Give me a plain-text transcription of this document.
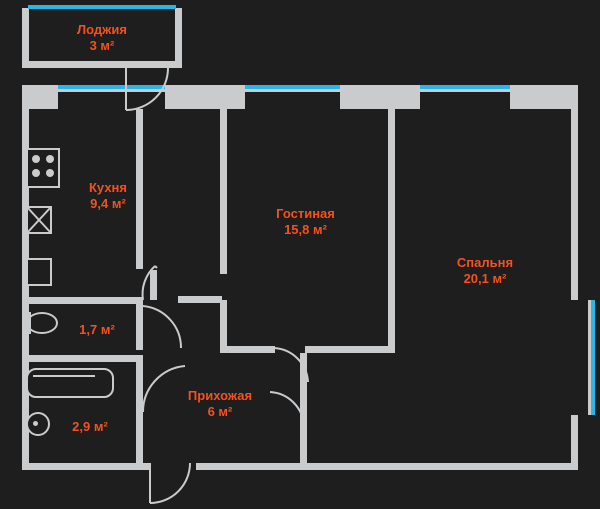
Лоджия
3 м²
Кухня
9,4 м²
Гостиная
15,8 м²
Спальня
20,1 м²
1,7 м²
2,9 м²
Прихожая
6 м²
